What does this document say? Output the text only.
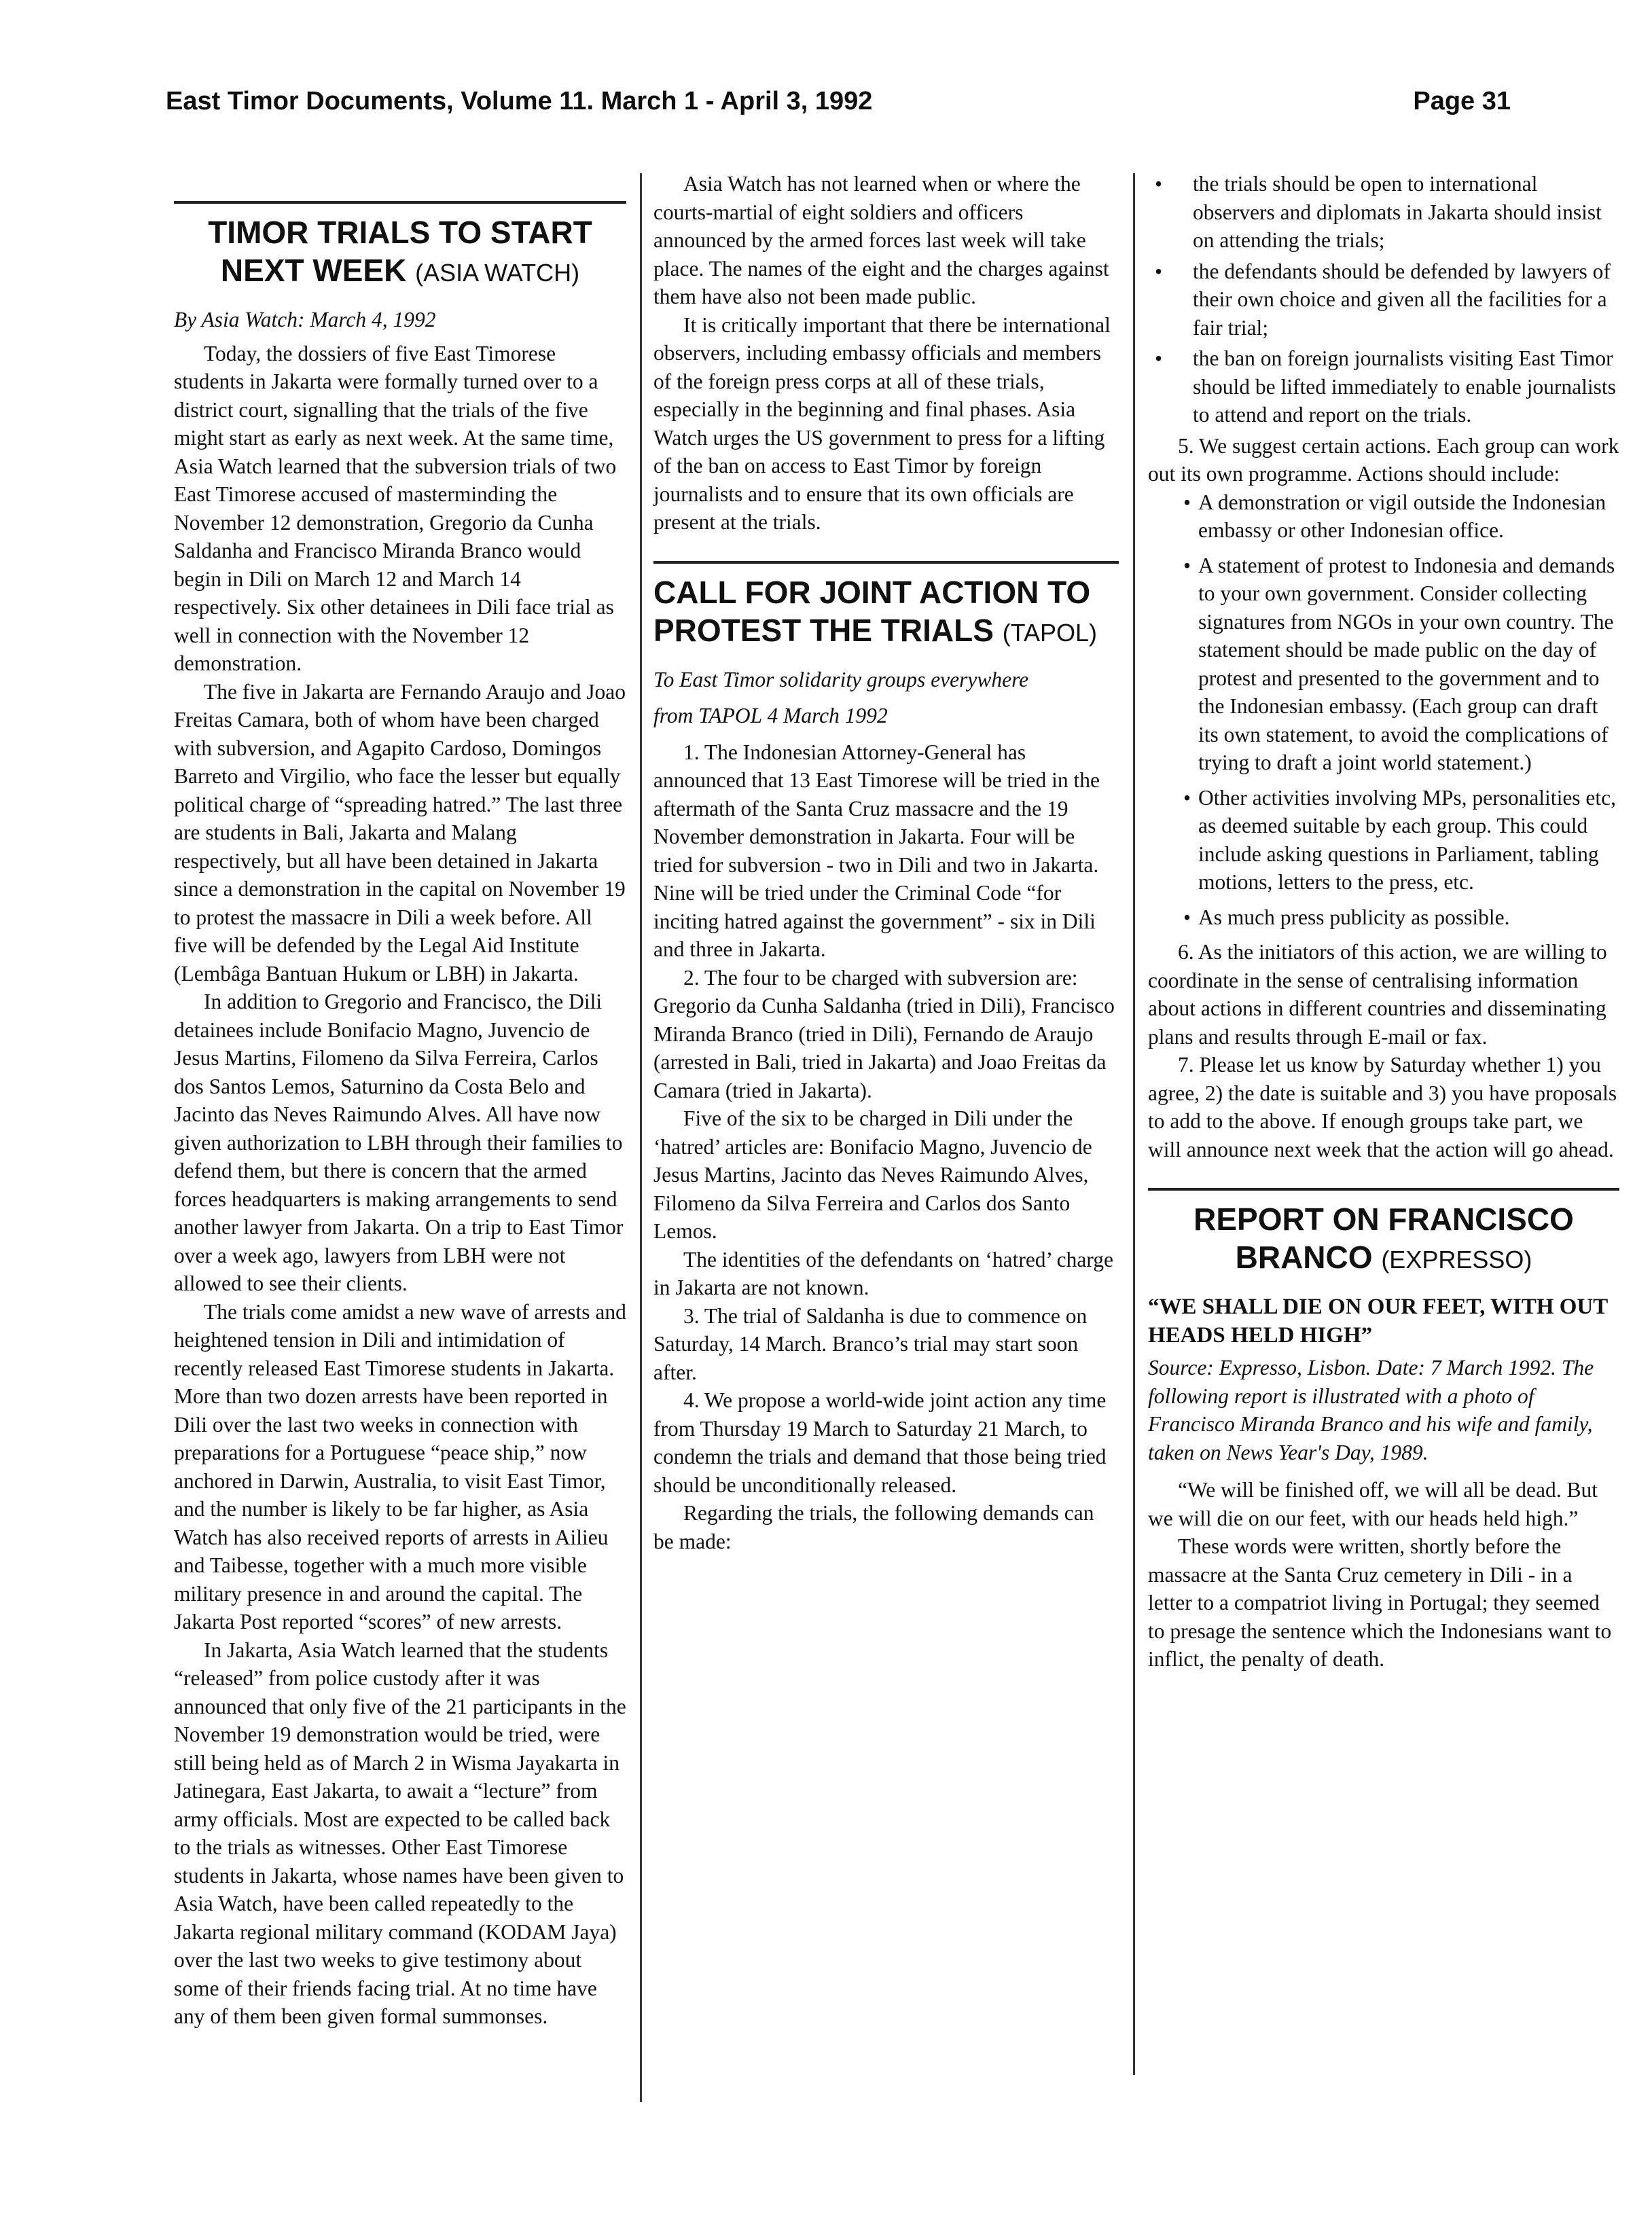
East Timor Documents, Volume 11. March 1 - April 3, 1992	Page 31
TIMOR TRIALS TO START NEXT WEEK (ASIA WATCH)

By Asia Watch: March 4, 1992

Today, the dossiers of five East Timorese students in Jakarta were formally turned over to a district court, signalling that the trials of the five might start as early as next week. At the same time, Asia Watch learned that the subversion trials of two East Timorese accused of masterminding the November 12 demonstration, Gregorio da Cunha Saldanha and Francisco Miranda Branco would begin in Dili on March 12 and March 14 respectively. Six other detainees in Dili face trial as well in connection with the November 12 demonstration.

The five in Jakarta are Fernando Araujo and Joao Freitas Camara, both of whom have been charged with subversion, and Agapito Cardoso, Domingos Barreto and Virgilio, who face the lesser but equally political charge of “spreading hatred.” The last three are students in Bali, Jakarta and Malang respectively, but all have been detained in Jakarta since a demonstration in the capital on November 19 to protest the massacre in Dili a week before. All five will be defended by the Legal Aid Institute (Lembâga Bantuan Hukum or LBH) in Jakarta.

In addition to Gregorio and Francisco, the Dili detainees include Bonifacio Magno, Juvencio de Jesus Martins, Filomeno da Silva Ferreira, Carlos dos Santos Lemos, Saturnino da Costa Belo and Jacinto das Neves Raimundo Alves. All have now given authorization to LBH through their families to defend them, but there is concern that the armed forces headquarters is making arrangements to send another lawyer from Jakarta. On a trip to East Timor over a week ago, lawyers from LBH were not allowed to see their clients.

The trials come amidst a new wave of arrests and heightened tension in Dili and intimidation of recently released East Timorese students in Jakarta. More than two dozen arrests have been reported in Dili over the last two weeks in connection with preparations for a Portuguese “peace ship,” now anchored in Darwin, Australia, to visit East Timor, and the number is likely to be far higher, as Asia Watch has also received reports of arrests in Ailieu and Taibesse, together with a much more visible military presence in and around the capital. The Jakarta Post reported “scores” of new arrests.

In Jakarta, Asia Watch learned that the students “released” from police custody after it was announced that only five of the 21 participants in the November 19 demonstration would be tried, were still being held as of March 2 in Wisma Jayakarta in Jatinegara, East Jakarta, to await a “lecture” from army officials. Most are expected to be called back to the trials as witnesses. Other East Timorese students in Jakarta, whose names have been given to Asia Watch, have been called repeatedly to the Jakarta regional military command (KODAM Jaya) over the last two weeks to give testimony about some of their friends facing trial. At no time have any of them been given formal summonses.

Asia Watch has not learned when or where the courts-martial of eight soldiers and officers announced by the armed forces last week will take place. The names of the eight and the charges against them have also not been made public.

It is critically important that there be international observers, including embassy officials and members of the foreign press corps at all of these trials, especially in the beginning and final phases. Asia Watch urges the US government to press for a lifting of the ban on access to East Timor by foreign journalists and to ensure that its own officials are present at the trials.

CALL FOR JOINT ACTION TO PROTEST THE TRIALS (TAPOL)

To East Timor solidarity groups everywhere

from TAPOL 4 March 1992

1. The Indonesian Attorney-General has announced that 13 East Timorese will be tried in the aftermath of the Santa Cruz massacre and the 19 November demonstration in Jakarta. Four will be tried for subversion - two in Dili and two in Jakarta. Nine will be tried under the Criminal Code “for inciting hatred against the government” - six in Dili and three in Jakarta.

2. The four to be charged with subversion are: Gregorio da Cunha Saldanha (tried in Dili), Francisco Miranda Branco (tried in Dili), Fernando de Araujo (arrested in Bali, tried in Jakarta) and Joao Freitas da Camara (tried in Jakarta).

Five of the six to be charged in Dili under the ‘hatred’ articles are: Bonifacio Magno, Juvencio de Jesus Martins, Jacinto das Neves Raimundo Alves, Filomeno da Silva Ferreira and Carlos dos Santo Lemos.

The identities of the defendants on ‘hatred’ charge in Jakarta are not known.

3. The trial of Saldanha is due to commence on Saturday, 14 March. Branco’s trial may start soon after.

4. We propose a world-wide joint action any time from Thursday 19 March to Saturday 21 March, to condemn the trials and demand that those being tried should be unconditionally released.

Regarding the trials, the following demands can be made:

• the trials should be open to international observers and diplomats in Jakarta should insist on attending the trials;
• the defendants should be defended by lawyers of their own choice and given all the facilities for a fair trial;
• the ban on foreign journalists visiting East Timor should be lifted immediately to enable journalists to attend and report on the trials.

5. We suggest certain actions. Each group can work out its own programme. Actions should include:

• A demonstration or vigil outside the Indonesian embassy or other Indonesian office.
• A statement of protest to Indonesia and demands to your own government. Consider collecting signatures from NGOs in your own country. The statement should be made public on the day of protest and presented to the government and to the Indonesian embassy. (Each group can draft its own statement, to avoid the complications of trying to draft a joint world statement.)
• Other activities involving MPs, personalities etc, as deemed suitable by each group. This could include asking questions in Parliament, tabling motions, letters to the press, etc.
• As much press publicity as possible.

6. As the initiators of this action, we are willing to coordinate in the sense of centralising information about actions in different countries and disseminating plans and results through E-mail or fax.

7. Please let us know by Saturday whether 1) you agree, 2) the date is suitable and 3) you have proposals to add to the above. If enough groups take part, we will announce next week that the action will go ahead.

REPORT ON FRANCISCO BRANCO (EXPRESSO)
“WE SHALL DIE ON OUR FEET, WITH OUT HEADS HELD HIGH”

Source: Expresso, Lisbon. Date: 7 March 1992. The following report is illustrated with a photo of Francisco Miranda Branco and his wife and family, taken on News Year's Day, 1989.

“We will be finished off, we will all be dead. But we will die on our feet, with our heads held high.”

These words were written, shortly before the massacre at the Santa Cruz cemetery in Dili - in a letter to a compatriot living in Portugal; they seemed to presage the sentence which the Indonesians want to inflict, the penalty of death.
